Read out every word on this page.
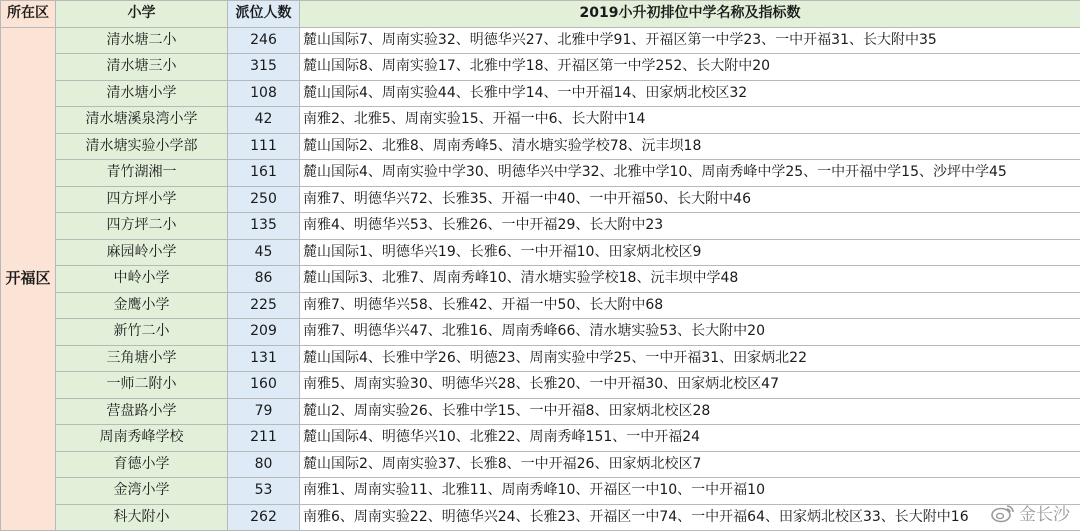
所在区	小学	派位人数	2019小升初排位中学名称及指标数
开福区	清水塘二小	246	麓山国际7、周南实验32、明德华兴27、北雅中学91、开福区第一中学23、一中开福31、长大附中35
	清水塘三小	315	麓山国际8、周南实验17、北雅中学18、开福区第一中学252、长大附中20
	清水塘小学	108	麓山国际4、周南实验44、长雅中学14、一中开福14、田家炳北校区32
	清水塘溪泉湾小学	42	南雅2、北雅5、周南实验15、开福一中6、长大附中14
	清水塘实验小学部	111	麓山国际2、北雅8、周南秀峰5、清水塘实验学校78、沅丰坝18
	青竹湖湘一	161	麓山国际4、周南实验中学30、明德华兴中学32、北雅中学10、周南秀峰中学25、一中开福中学15、沙坪中学45
	四方坪小学	250	南雅7、明德华兴72、长雅35、开福一中40、一中开福50、长大附中46
	四方坪二小	135	南雅4、明德华兴53、长雅26、一中开福29、长大附中23
	麻园岭小学	45	麓山国际1、明德华兴19、长雅6、一中开福10、田家炳北校区9
	中岭小学	86	麓山国际3、北雅7、周南秀峰10、清水塘实验学校18、沅丰坝中学48
	金鹰小学	225	南雅7、明德华兴58、长雅42、开福一中50、长大附中68
	新竹二小	209	南雅7、明德华兴47、北雅16、周南秀峰66、清水塘实验53、长大附中20
	三角塘小学	131	麓山国际4、长雅中学26、明德23、周南实验中学25、一中开福31、田家炳北22
	一师二附小	160	南雅5、周南实验30、明德华兴28、长雅20、一中开福30、田家炳北校区47
	营盘路小学	79	麓山2、周南实验26、长雅中学15、一中开福8、田家炳北校区28
	周南秀峰学校	211	麓山国际4、明德华兴10、北雅22、周南秀峰151、一中开福24
	育德小学	80	麓山国际2、周南实验37、长雅8、一中开福26、田家炳北校区7
	金湾小学	53	南雅1、周南实验11、北雅11、周南秀峰10、开福区一中10、一中开福10
	科大附小	262	南雅6、周南实验22、明德华兴24、长雅23、开福区一中74、一中开福64、田家炳北校区33、长大附中16	金长沙
